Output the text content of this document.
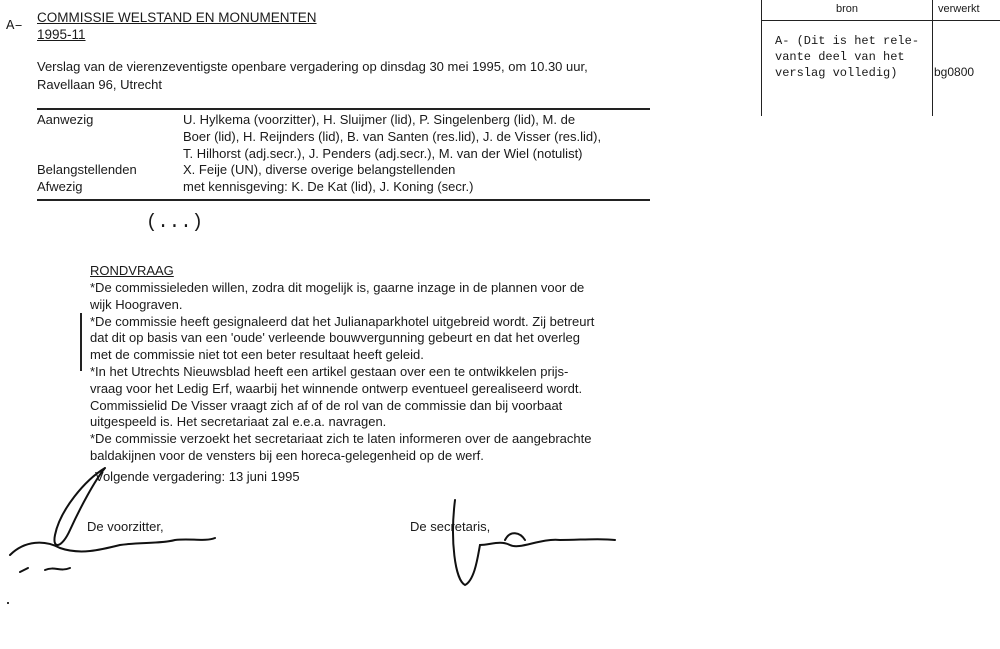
A–
COMMISSIE WELSTAND EN MONUMENTEN
1995-11
Verslag van de vierenzeventigste openbare vergadering op dinsdag 30 mei 1995, om 10.30 uur,
Ravellaan 96, Utrecht
Aanwezig	U. Hylkema (voorzitter), H. Sluijmer (lid), P. Singelenberg (lid), M. de
Boer (lid), H. Reijnders (lid), B. van Santen (res.lid), J. de Visser (res.lid),
T. Hilhorst (adj.secr.), J. Penders (adj.secr.), M. van der Wiel (notulist)
Belangstellenden	X. Feije (UN), diverse overige belangstellenden
Afwezig	met kennisgeving: K. De Kat (lid), J. Koning (secr.)
(...)
RONDVRAAG
*De commissieleden willen, zodra dit mogelijk is, gaarne inzage in de plannen voor de
wijk Hoograven.
*De commissie heeft gesignaleerd dat het Julianaparkhotel uitgebreid wordt. Zij betreurt
dat dit op basis van een 'oude' verleende bouwvergunning gebeurt en dat het overleg
met de commissie niet tot een beter resultaat heeft geleid.
*In het Utrechts Nieuwsblad heeft een artikel gestaan over een te ontwikkelen prijs-
vraag voor het Ledig Erf, waarbij het winnende ontwerp eventueel gerealiseerd wordt.
Commissielid De Visser vraagt zich af of de rol van de commissie dan bij voorbaat
uitgespeeld is. Het secretariaat zal e.e.a. navragen.
*De commissie verzoekt het secretariaat zich te laten informeren over de aangebrachte
baldakijnen voor de vensters bij een horeca-gelegenheid op de werf.
Volgende vergadering: 13 juni 1995
De voorzitter,	De secretaris,
bron	verwerkt
A- (Dit is het rele-
vante deel van het
verslag volledig)	bg0800
